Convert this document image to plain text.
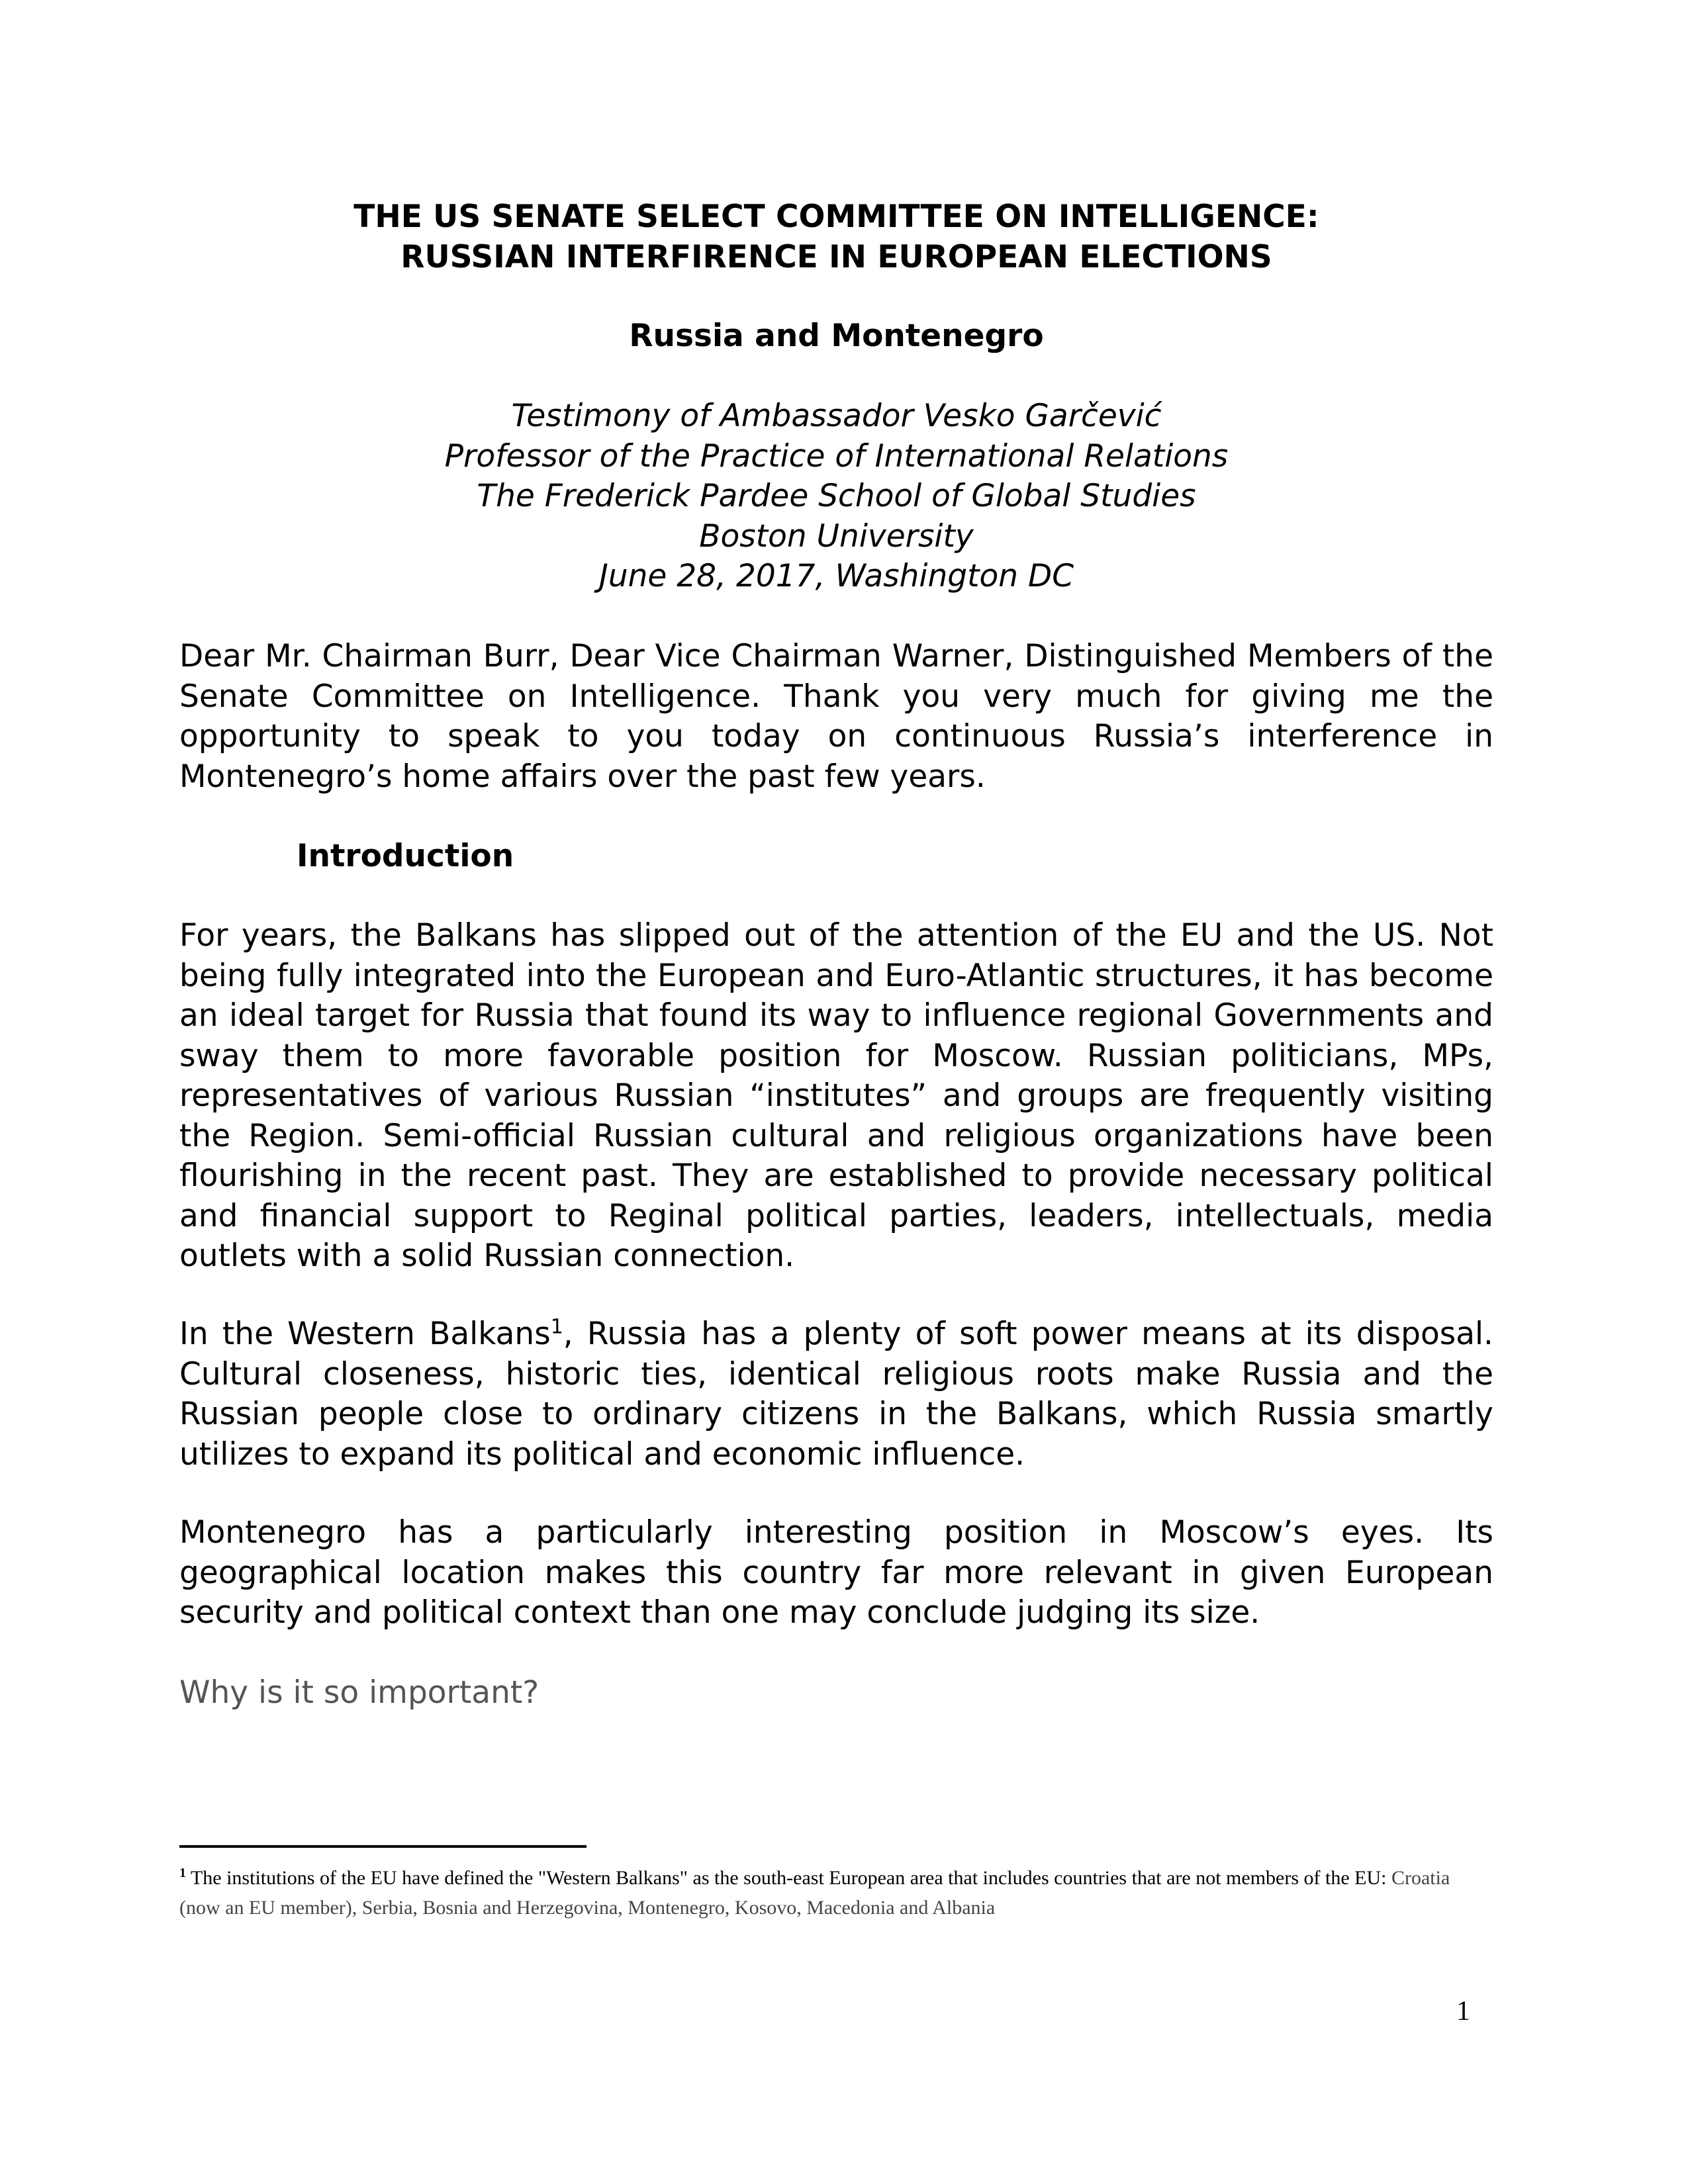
THE US SENATE SELECT COMMITTEE ON INTELLIGENCE:
RUSSIAN INTERFIRENCE IN EUROPEAN ELECTIONS
Russia and Montenegro
Testimony of Ambassador Vesko Garčević
Professor of the Practice of International Relations
The Frederick Pardee School of Global Studies
Boston University
June 28, 2017, Washington DC

Dear Mr. Chairman Burr, Dear Vice Chairman Warner, Distinguished Members of the Senate Committee on Intelligence. Thank you very much for giving me the opportunity to speak to you today on continuous Russia’s interference in Montenegro’s home affairs over the past few years.

Introduction

For years, the Balkans has slipped out of the attention of the EU and the US. Not being fully integrated into the European and Euro-Atlantic structures, it has become an ideal target for Russia that found its way to influence regional Governments and sway them to more favorable position for Moscow. Russian politicians, MPs, representatives of various Russian “institutes” and groups are frequently visiting the Region. Semi-official Russian cultural and religious organizations have been flourishing in the recent past. They are established to provide necessary political and financial support to Reginal political parties, leaders, intellectuals, media outlets with a solid Russian connection.

In the Western Balkans$^1$, Russia has a plenty of soft power means at its disposal. Cultural closeness, historic ties, identical religious roots make Russia and the Russian people close to ordinary citizens in the Balkans, which Russia smartly utilizes to expand its political and economic influence.

Montenegro has a particularly interesting position in Moscow’s eyes. Its geographical location makes this country far more relevant in given European security and political context than one may conclude judging its size.

Why is it so important?
$^1$ The institutions of the EU have defined the "Western Balkans" as the south-east European area that includes countries that are not members of the EU: Croatia (now an EU member), Serbia, Bosnia and Herzegovina, Montenegro, Kosovo, Macedonia and Albania
1
